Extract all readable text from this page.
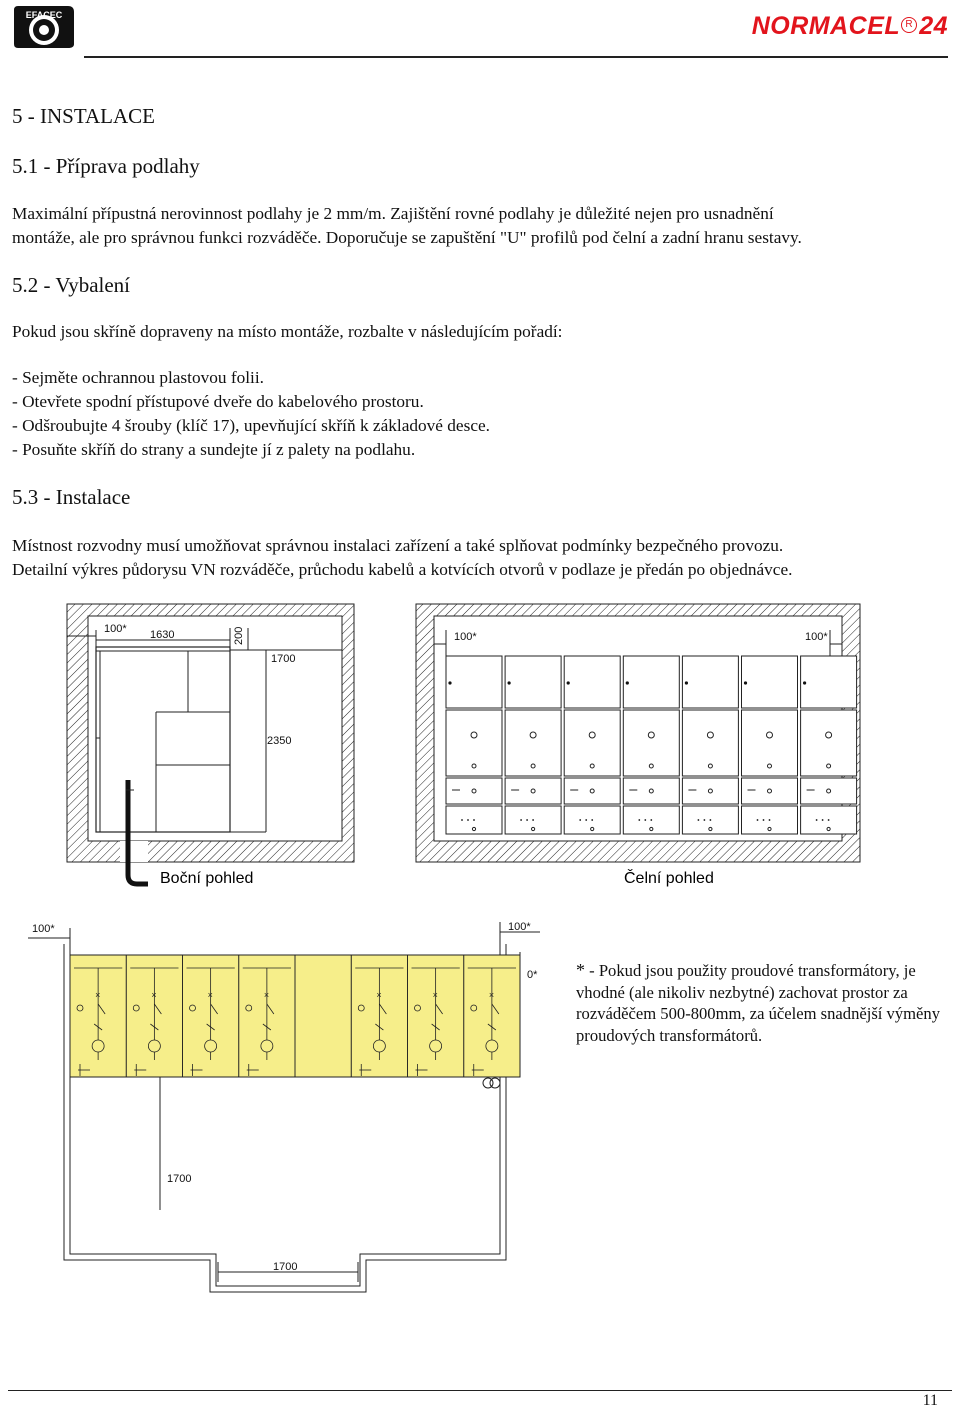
EFACEC	NORMACEL $^R$ 24
5 - INSTALACE
5.1 - Příprava podlahy
Maximální přípustná nerovinnost podlahy je 2 mm/m. Zajištění rovné podlahy je důležité nejen pro usnadnění
montáže, ale pro správnou funkci rozváděče. Doporučuje se zapuštění "U" profilů pod čelní a zadní hranu sestavy.
5.2 - Vybalení
Pokud jsou skříně dopraveny na místo montáže, rozbalte v následujícím pořadí:
- Sejměte ochrannou plastovou folii.
- Otevřete spodní přístupové dveře do kabelového prostoru.
- Odšroubujte 4 šrouby (klíč 17), upevňující skříň k základové desce.
- Posuňte skříň do strany a sundejte jí z palety na podlahu.
5.3 - Instalace
Místnost rozvodny musí umožňovat správnou instalaci zařízení a také splňovat podmínky bezpečného provozu.
Detailní výkres půdorysu VN rozváděče, průchodu kabelů a kotvících otvorů v podlaze je předán po objednávce.
100* 1630	200
1700
2350
Boční pohled
100*	100*
Čelní pohled
100*	100*
0*
×	×	×	×	×	×	×
1700
1700
* - Pokud jsou použity proudové transformátory, je vhodné (ale nikoliv nezbytné) zachovat prostor za rozváděčem 500-800mm, za účelem snadnější výměny proudových transformátorů.
11
